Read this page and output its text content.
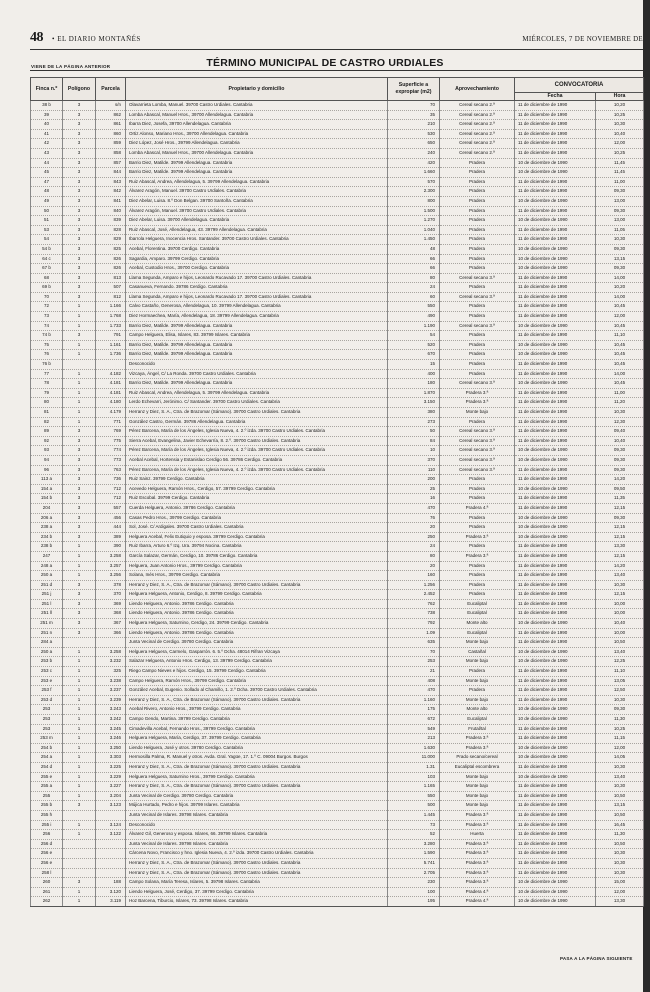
48 • EL DIARIO MONTAÑÉS	MIÉRCOLES, 7 DE NOVIEMBRE DE
VIENE DE LA PÁGINA ANTERIOR	TÉRMINO MUNICIPAL DE CASTRO URDIALES
Finca n.º	Polígono	Parcela	Propietario y domicilio	Superficie a expropiar (m2)	Aprovechamiento	CONVOCATORIA	
						Fecha	Hora
38 b	3	s/n	Olavarrieta Lomba, Manuel. 39700 Castro Urdiales. Cantabria	70	Cereal secano 2.ª	11 de diciembre de 1990	10,20
39	3	862	Lomba Abascal, Manuel Hros., 39700 Allendelagua. Cantabria	35	Cereal secano 2.ª	11 de diciembre de 1990	10,25
40	3	861	Ibarra Diez, Josefa, 39700 Allendelagua. Cantabria	210	Cereal secano 2.ª	11 de diciembre de 1990	10,30
41	3	860	Ortiz Alonso, Mariano Hros., 39700 Allendelagua. Cantabria	530	Cereal secano 2.ª	11 de diciembre de 1990	10,40
42	3	859	Diez López, José Hros., 39799 Allendelagua. Cantabria	650	Cereal secano 2.ª	11 de diciembre de 1990	12,00
43	3	858	Lomba Abascal, Manuel Hros., 39700 Allendelagua. Cantabria	240	Cereal secano 2.ª	11 de diciembre de 1990	10,25
44	3	857	Barrio Diez, Matilde. 39799 Allendelagua. Cantabria	420	Pradera	10 de diciembre de 1990	11,45
45	3	844	Barrio Diez, Matilde. 39799 Allendelagua. Cantabria	1.660	Pradera	10 de diciembre de 1990	11,45
47	3	843	Ruiz Abascal, Andrea, Allendelagua, 5. 39799 Allendelagua. Cantabria	570	Pradera	11 de diciembre de 1990	11,00
48	3	842	Álvarez Aragón, Manuel. 39700 Castro Urdiales. Cantabria	2.300	Pradera	11 de diciembre de 1990	09,30
49	3	841	Diez Abelar, Luisa. 8.º Don Belgan. 39700 Santoña. Cantabria	800	Pradera	10 de diciembre de 1990	13,00
50	3	840	Álvarez Aragón, Manuel. 39700 Castro Urdiales. Cantabria	1.500	Pradera	11 de diciembre de 1990	09,30
51	3	839	Diez Abelar, Luisa. 39700 Allendelagua. Cantabria	1.270	Pradera	10 de diciembre de 1990	13,00
53	3	828	Ruiz Abascal, José, Allendelagua, 43. 39799 Allendelagua. Cantabria	1.040	Pradera	11 de diciembre de 1990	11,05
54	3	829	Ibarrola Helguera, Inocencia Hros. Santander. 39700 Castro Urdiales. Cantabria	1.450	Pradera	11 de diciembre de 1990	10,30
54 b	3	825	Acebal, Florentina. 39700 Cerdigo. Cantabria	48	Pradera	10 de diciembre de 1990	09,30
64 c	3	826	Sagardia, Amparo. 39799 Cerdigo. Cantabria	66	Pradera	10 de diciembre de 1990	13,15
67 b	3	826	Acebal, Custodio Hros., 39700 Cerdigo. Cantabria	66	Pradera	10 de diciembre de 1990	09,30
68	3	813	Llama Segunda, Amparo e hijos, Leonardo Rucavado 17. 39700 Castro Urdiales. Cantabria	80	Cereal secano 3.ª	11 de diciembre de 1990	14,00
69 b	3	507	Casanueva, Fernando. 39786 Cerdigo. Cantabria	24	Pradera	11 de diciembre de 1990	10,20
70	3	812	Llama Segunda, Amparo e hijos, Leonardo Rucavado 17. 39700 Castro Urdiales. Cantabria	60	Cereal secano 3.ª	11 de diciembre de 1990	14,00
72	1	1.166	Calvo Castaño, Generosa, Allendelagua, 10. 39799 Allendelagua. Cantabria	550	Pradera	11 de diciembre de 1990	10,45
73	1	1.768	Diez Hormaechea, María, Allendelagua, 18. 39799 Allendelagua. Cantabria	490	Pradera	11 de diciembre de 1990	12,00
74	1	1.733	Barrio Diez, Matilde. 39799 Allendelagua. Cantabria	1.190	Cereal secano 3.ª	10 de diciembre de 1990	10,45
74 b	3	791	Campo Helguera, Elisa, Islares, 83. 39799 Islares. Cantabria	54	Pradera	11 de diciembre de 1990	11,10
75	1	1.161	Barrio Diez, Matilde. 39799 Allendelagua. Cantabria	520	Pradera	10 de diciembre de 1990	10,45
76	1	1.736	Barrio Diez, Matilde. 39799 Allendelagua. Cantabria	670	Pradera	10 de diciembre de 1990	10,45
76 b			Desconocido	15	Pradera	11 de diciembre de 1990	10,45
77	1	4.182	Vizcaya, Ángel, C/ La Ronda. 39700 Castro Urdiales. Cantabria	400	Pradera	11 de diciembre de 1990	14,00
78	1	4.181	Barrio Diez, Matilde. 39799 Allendelagua. Cantabria	180	Cereal secano 3.ª	10 de diciembre de 1990	10,45
79	1	4.181	Ruiz Abascal, Andrea, Allendelagua, 5. 39799 Allendelagua. Cantabria	1.870	Pradera 3.ª	11 de diciembre de 1990	11,00
80	1	4.180	Lerdo Echevarri, Jerónimo. C/ Santander. 39700 Castro Urdiales. Cantabria	3.150	Pradera 3.ª	11 de diciembre de 1990	11,20
81	1	4.179	Herranz y Diez, S. A., Ctra. de Brazomar (Sámano). 39700 Castro Urdiales. Cantabria	380	Monte bajo	11 de diciembre de 1990	10,30
82	1	771	González Castro, Germán. 39786 Allendelagua. Cantabria	273	Pradera	11 de diciembre de 1990	12,30
89	3	769	Pérez Barcena, María de los Ángeles, Iglesia Nueva, 4. 2.º izda. 39700 Castro Urdiales. Cantabria	50	Cereal secano 3.ª	11 de diciembre de 1990	09,40
92	3	775	Sierra Acebal, Evangelina, Javier Echevarría, 8. 2.º. 39700 Castro Urdiales. Cantabria	84	Cereal secano 3.ª	11 de diciembre de 1990	10,40
93	3	774	Pérez Barcena, María de los Ángeles, Iglesia Nueva, 4. 2.º izda. 39700 Castro Urdiales. Cantabria	10	Cereal secano 3.ª	10 de diciembre de 1990	09,30
94	3	773	Acebal Acebal, Hortensia y Estanislao Cerdigo 56. 39786 Cerdigo. Cantabria	370	Cereal secano 3.ª	10 de diciembre de 1990	09,30
96	3	763	Pérez Barcena, María de los Ángeles, Iglesia Nueva, 4. 2.º izda. 39700 Castro Urdiales. Cantabria	110	Cereal secano 3.ª	11 de diciembre de 1990	09,30
113 a	3	736	Ruiz Sainz. 39799 Cerdigo. Cantabria	200	Pradera	11 de diciembre de 1990	14,20
154 a	3	712	Acevedo Helguera, Ramón Hros., Cerdigo, 57. 39799 Cerdigo. Cantabria	25	Pradera	10 de diciembre de 1990	09,50
154 b	3	712	Ruiz Escobal. 39799 Cerdigo. Cantabria	16	Pradera	11 de diciembre de 1990	11,35
204	3	557	Cuerda Helguera, Antonio. 39786 Cerdigo. Cantabria	470	Pradera 4.ª	11 de diciembre de 1990	12,15
206 a	3	456	Casas Pedro Hros., 39799 Cerdigo. Cantabria	76	Pradera	10 de diciembre de 1990	09,30
238 a	3	444	Sol, José. C/ Ardigales. 39700 Castro Urdiales. Cantabria	20	Pradera	10 de diciembre de 1990	12,15
234 b	3	389	Helguera Acebal, Felix Eutiquio y esposa. 39799 Cerdigo. Cantabria	250	Pradera 3.ª	10 de diciembre de 1990	12,15
238 b	1	390	Ruiz Ibarra, Arturo 6.º Izq. Ura. 39794 Nocina. Cantabria	24	Pradera	11 de diciembre de 1990	13,30
247	1	3.258	García Salazar, Germán, Cerdigo, 10. 39786 Cerdigo. Cantabria	80	Pradera 3.ª	11 de diciembre de 1990	12,15
248 a	1	3.257	Helguera, Juan Antonio Hros., 39799 Cerdigo. Cantabria	20	Pradera	11 de diciembre de 1990	14,20
250 a	1	3.256	Solana, Inés Hros., 39799 Cerdigo. Cantabria	160	Pradera	11 de diciembre de 1990	13,40
251 d	3	378	Herranz y Diez, S. A., Ctra. de Brazomar (Sámano). 39700 Castro Urdiales. Cantabria	1.256	Pradera	11 de diciembre de 1990	10,30
251 j	3	370	Helguera Helguera, Antonio, Cerdigo, 8. 39799 Cerdigo. Cantabria	2.452	Pradera	11 de diciembre de 1990	12,15
251 l	3	369	Liendo Helguera, Antonio. 39786 Cerdigo. Cantabria	762	Eucaliptal	11 de diciembre de 1990	10,00
251 ll	3	368	Liendo Helguera, Antonio. 39786 Cerdigo. Cantabria	738	Eucaliptal	11 de diciembre de 1990	10,00
251 m	3	367	Helguera Helguera, Saturnino, Cerdigo, 24. 39799 Cerdigo. Cantabria	792	Monte alto	10 de diciembre de 1990	10,40
251 n	3	366	Liendo Helguera, Antonio. 39786 Cerdigo. Cantabria	1.09	Eucaliptal	11 de diciembre de 1990	10,00
284 a			Junta Vecinal de Cerdigo. 39780 Cerdigo. Cantabria	635	Monte bajo	11 de diciembre de 1990	10,50
250 a	1	3.258	Helguera Helguera, Carmelo, Gasparrón. 6. 5.º Dcha. 48014 Rifran Vizcaya	70	Castañal	10 de diciembre de 1990	13,40
253 b	1	3.232	Salazar Helguera, Antonio Hros. Cerdigo, 13. 39799 Cerdigo. Cantabria	253	Monte bajo	10 de diciembre de 1990	12,25
253 c	1	325	Riego Campo Nieves e hijos. Cerdigo, 15. 39799 Cerdigo. Cantabria	21	Pradera	11 de diciembre de 1990	11,10
253 e	1	3.238	Campo Helguera, Ramón Hros., 39799 Cerdigo. Cantabria	408	Monte bajo	11 de diciembre de 1990	13,05
253 f	1	3.237	González Acebal, Eugenio. Sollado al Chamillo, 1. 2.º Dcha. 39700 Castro Urdiales. Cantabria	470	Pradera	11 de diciembre de 1990	12,50
253 d	1	3.239	Herranz y Diez, S. A., Ctra. de Brazomar (Sámano). 39700 Castro Urdiales. Cantabria	1.160	Monte bajo	11 de diciembre de 1990	10,30
253	1	3.243	Acebal Rivero, Antonio Hros., 39799 Cerdigo. Cantabria	175	Monte alto	10 de diciembre de 1990	09,30
253	1	3.242	Campo Gendo, Martina. 39799 Cerdigo. Cantabria	672	Eucaliptal	10 de diciembre de 1990	11,30
253	1	3.245	Cimadevilla Acebal, Fernando Hros., 39799 Cerdigo. Cantabria	549	Frutal/tal	11 de diciembre de 1990	10,25
253 m	1	3.246	Helguera Helguera, María, Cerdigo, 37. 39799 Cerdigo. Cantabria	213	Pradera 3.ª	11 de diciembre de 1990	11,15
254 b	1	3.250	Liendo Helguera, José y otros. 39780 Cerdigo. Cantabria	1.630	Pradera 3.ª	10 de diciembre de 1990	12,00
254 a	1	3.303	Hermosilla Palma, R. Manuel y otros. Avda. Gral. Yagüe, 17. 1.º C. 09004 Burgos. Burgos	11.000	Prado secano/cereal	10 de diciembre de 1990	14,05
254 d	1	3.225	Herranz y Diez, S. A., Ctra. de Brazomar (Sámano). 39700 Castro Urdiales. Cantabria	1.31	Eucaliptal escombrera	11 de diciembre de 1990	10,30
255 e	1	3.229	Helguera Helguera, Saturnino Hros., 39799 Cerdigo. Cantabria	103	Monte bajo	10 de diciembre de 1990	13,40
255 a	1	3.227	Herranz y Diez, S. A., Ctra. de Brazomar (Sámano). 39700 Castro Urdiales. Cantabria	1.165	Monte bajo	11 de diciembre de 1990	10,30
255	1	3.204	Junta Vecinal de Cerdigo. 39780 Cerdigo. Cantabria	550	Monte bajo	11 de diciembre de 1990	10,50
255 b	3	3.123	Mújica Hurtado, Pedro e hijos. 39799 Islares. Cantabria	500	Monte bajo	11 de diciembre de 1990	13,15
255 h			Junta Vecinal de Islares. 39798 Islares. Cantabria	1.445	Pradera 3.ª	11 de diciembre de 1990	10,50
255 i	1	3.124	Desconocido	73	Pradera 3.ª	11 de diciembre de 1990	16,45
256	1	3.122	Álvarez Gil, Generoso y esposa. Islares, 66. 39799 Islares. Cantabria	52	Huerta	11 de diciembre de 1990	11,30
256 d			Junta Vecinal de Islares. 39798 Islares. Cantabria	3.280	Pradera 3.ª	11 de diciembre de 1990	10,50
256 e			Cárcena Novo, Francisco y hno. Iglesia Nueva, 4. 2.º izda. 39700 Castro Urdiales. Cantabria	1.590	Pradera 3.ª	11 de diciembre de 1990	10,30
256 e			Herranz y Diez, S. A., Ctra. de Brazomar (Sámano). 39700 Castro Urdiales. Cantabria	5.741	Pradera 3.ª	11 de diciembre de 1990	10,30
258 l			Herranz y Diez, S. A., Ctra. de Brazomar (Sámano). 39700 Castro Urdiales. Cantabria	2.705	Pradera 3.ª	11 de diciembre de 1990	10,30
260	3	188	Campo Solana, María Teresa, Islares, 5. 39798 Islares. Cantabria	230	Pradera 3.ª	10 de diciembre de 1990	15,00
261	1	3.120	Liendo Helguera, José, Cerdigo, 37. 39799 Cerdigo. Cantabria	100	Pradera 4.ª	10 de diciembre de 1990	12,00
262	1	3.119	Hoz Barcena, Tiburcio, Islares, 73. 39798 Islares. Cantabria	195	Pradera 4.ª	10 de diciembre de 1990	13,30
PASA A LA PÁGINA SIGUIENTE
